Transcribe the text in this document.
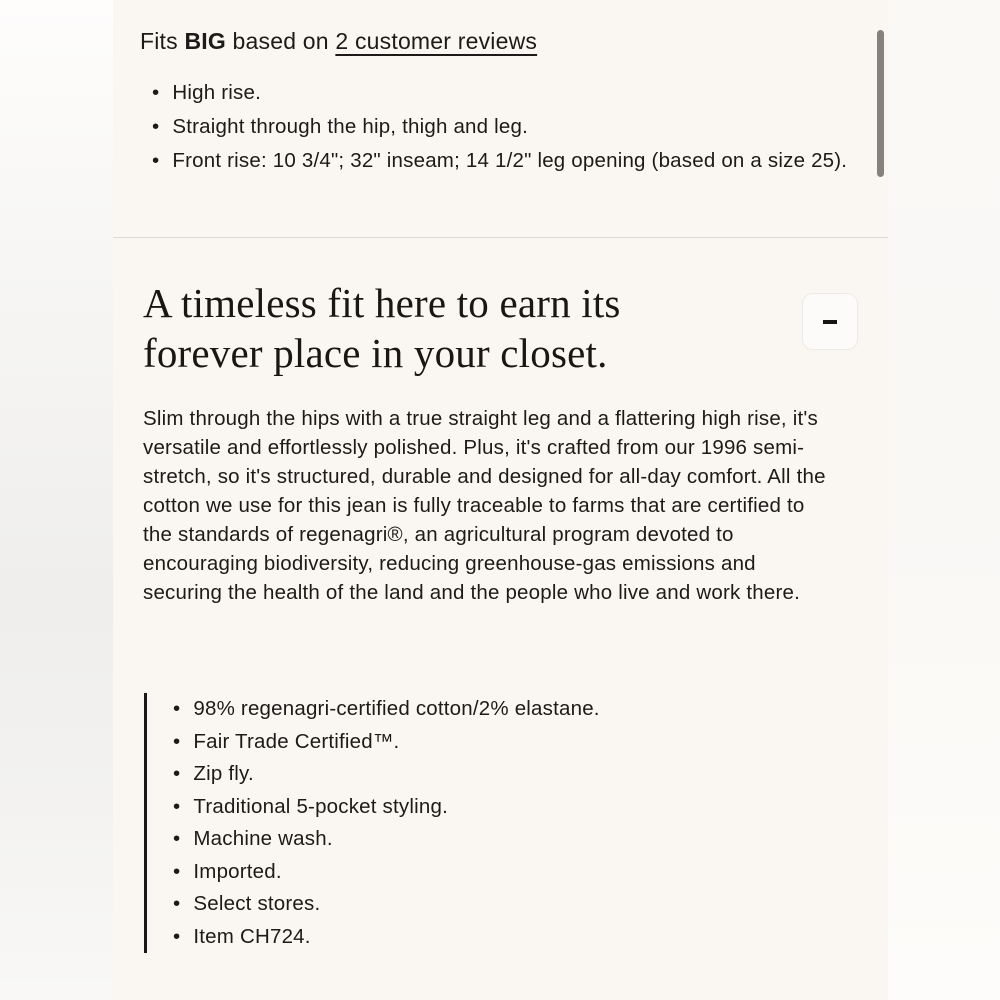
Fits BIG based on 2 customer reviews

• High rise.
• Straight through the hip, thigh and leg.
• Front rise: 10 3/4"; 32" inseam; 14 1/2" leg opening (based on a size 25).
A timeless fit here to earn its forever place in your closet.

Slim through the hips with a true straight leg and a flattering high rise, it's versatile and effortlessly polished. Plus, it's crafted from our 1996 semi-stretch, so it's structured, durable and designed for all-day comfort. All the cotton we use for this jean is fully traceable to farms that are certified to the standards of regenagri®, an agricultural program devoted to encouraging biodiversity, reducing greenhouse-gas emissions and securing the health of the land and the people who live and work there.

• 98% regenagri-certified cotton/2% elastane.
• Fair Trade Certified™.
• Zip fly.
• Traditional 5-pocket styling.
• Machine wash.
• Imported.
• Select stores.
• Item CH724.
